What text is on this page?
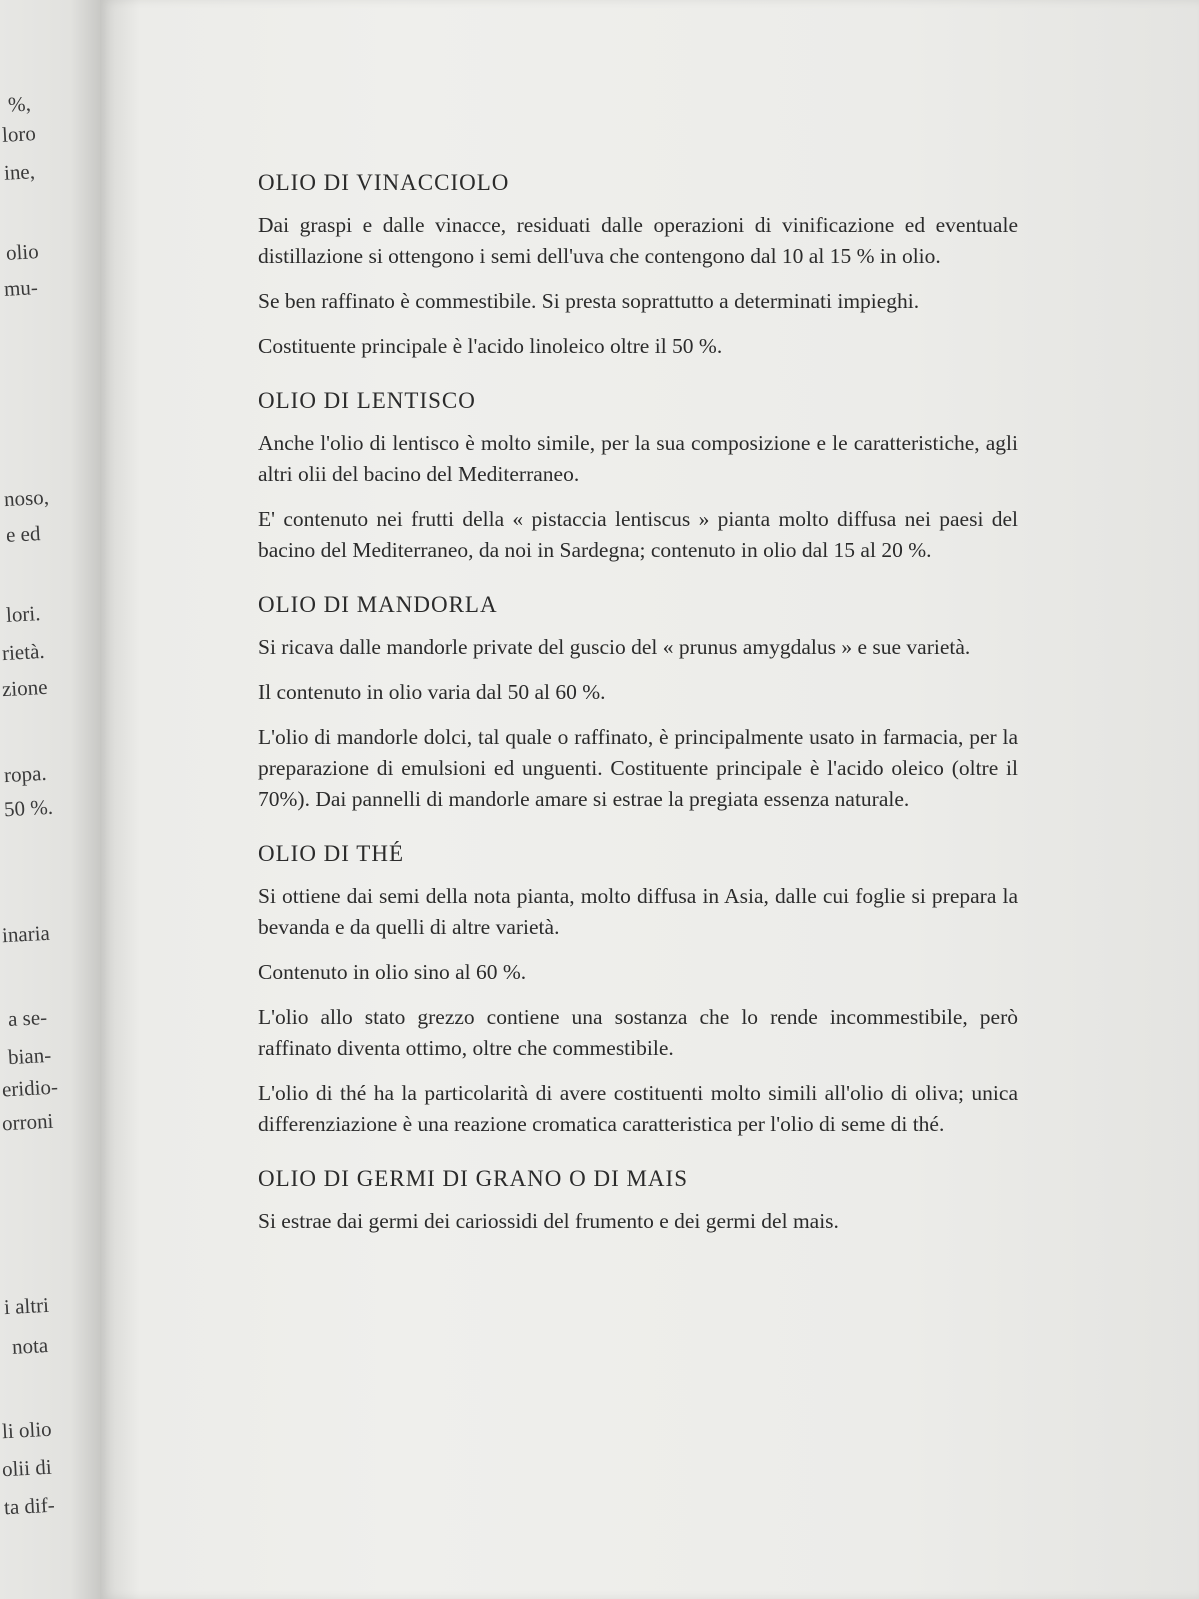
%,
loro
ine,
olio
mu-
noso,
e ed
lori.
rietà.
zione
ropa.
50 %.
inaria
a se-
bian-
eridio-
orroni
i altri
nota
li olio
olii di
ta dif-
OLIO DI VINACCIOLO

Dai graspi e dalle vinacce, residuati dalle operazioni di vinificazione ed eventuale distillazione si ottengono i semi dell'uva che contengono dal 10 al 15 % in olio.

Se ben raffinato è commestibile. Si presta soprattutto a determinati impieghi.

Costituente principale è l'acido linoleico oltre il 50 %.

OLIO DI LENTISCO

Anche l'olio di lentisco è molto simile, per la sua composizione e le caratteristiche, agli altri olii del bacino del Mediterraneo.

E' contenuto nei frutti della « pistaccia lentiscus » pianta molto diffusa nei paesi del bacino del Mediterraneo, da noi in Sardegna; contenuto in olio dal 15 al 20 %.

OLIO DI MANDORLA

Si ricava dalle mandorle private del guscio del « prunus amygdalus » e sue varietà.

Il contenuto in olio varia dal 50 al 60 %.

L'olio di mandorle dolci, tal quale o raffinato, è principalmente usato in farmacia, per la preparazione di emulsioni ed unguenti. Costituente principale è l'acido oleico (oltre il 70%). Dai pannelli di mandorle amare si estrae la pregiata essenza naturale.

OLIO DI THÉ

Si ottiene dai semi della nota pianta, molto diffusa in Asia, dalle cui foglie si prepara la bevanda e da quelli di altre varietà.

Contenuto in olio sino al 60 %.

L'olio allo stato grezzo contiene una sostanza che lo rende incommestibile, però raffinato diventa ottimo, oltre che commestibile.

L'olio di thé ha la particolarità di avere costituenti molto simili all'olio di oliva; unica differenziazione è una reazione cromatica caratteristica per l'olio di seme di thé.

OLIO DI GERMI DI GRANO O DI MAIS

Si estrae dai germi dei cariossidi del frumento e dei germi del mais.
